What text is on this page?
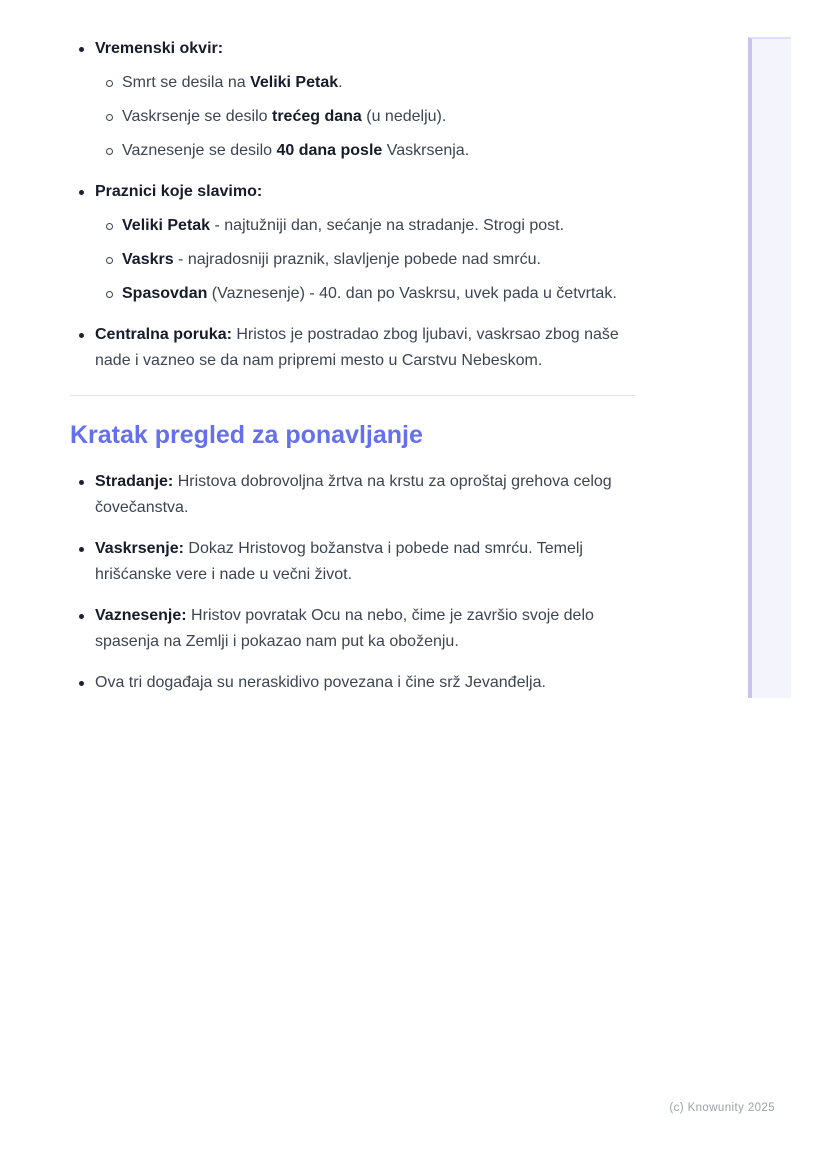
Vremenski okvir:
Smrt se desila na Veliki Petak.
Vaskrsenje se desilo trećeg dana (u nedelju).
Vaznesenje se desilo 40 dana posle Vaskrsenja.
Praznici koje slavimo:
Veliki Petak - najtužniji dan, sećanje na stradanje. Strogi post.
Vaskrs - najradosniji praznik, slavljenje pobede nad smrću.
Spasovdan (Vaznesenje) - 40. dan po Vaskrsu, uvek pada u četvrtak.
Centralna poruka: Hristos je postradao zbog ljubavi, vaskrsao zbog naše nade i vazneo se da nam pripremi mesto u Carstvu Nebeskom.
Kratak pregled za ponavljanje
Stradanje: Hristova dobrovoljna žrtva na krstu za oproštaj grehova celog čovečanstva.
Vaskrsenje: Dokaz Hristovog božanstva i pobede nad smrću. Temelj hrišćanske vere i nade u večni život.
Vaznesenje: Hristov povratak Ocu na nebo, čime je završio svoje delo spasenja na Zemlji i pokazao nam put ka oboženju.
Ova tri događaja su neraskidivo povezana i čine srž Jevanđelja.
(c) Knowunity 2025
